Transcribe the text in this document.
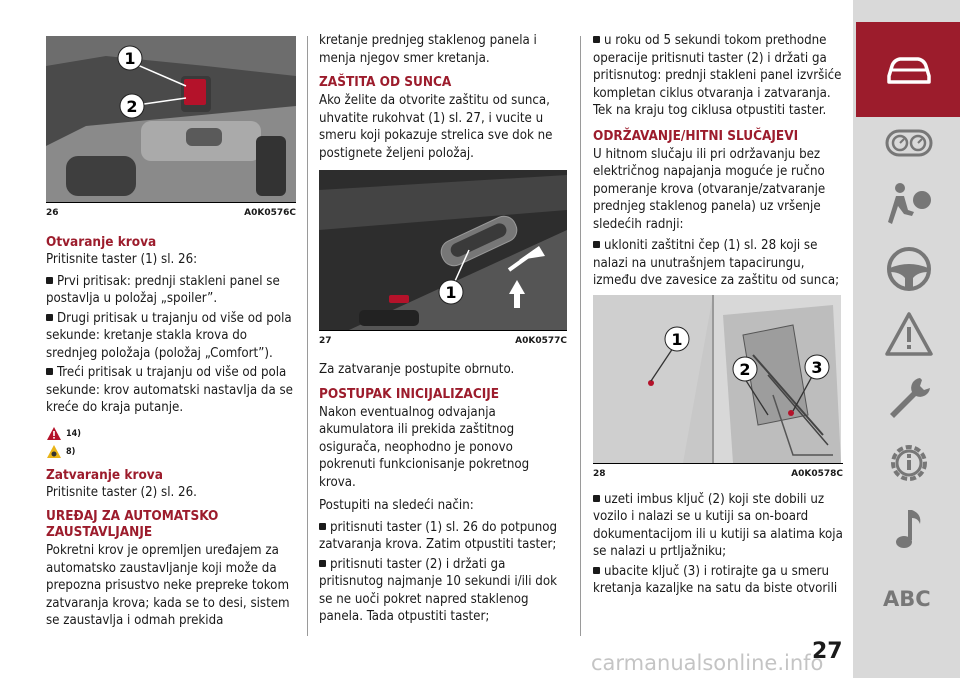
1
2
26	A0K0576C
Otvaranje krova

Pritisnite taster (1) sl. 26:

Prvi pritisak: prednji stakleni panel se postavlja u položaj „spoiler”.

Drugi pritisak u trajanju od više od pola sekunde: kretanje stakla krova do srednjeg položaja (položaj „Comfort”).

Treći pritisak u trajanju od više od pola sekunde: krov automatski nastavlja da se kreće do kraja putanje.

14)
8)
Zatvaranje krova

Pritisnite taster (2) sl. 26.

UREĐAJ ZA AUTOMATSKO ZAUSTAVLJANJE

Pokretni krov je opremljen uređajem za automatsko zaustavljanje koji može da prepozna prisustvo neke prepreke tokom zatvaranja krova; kada se to desi, sistem se zaustavlja i odmah prekida

kretanje prednjeg staklenog panela i menja njegov smer kretanja.

ZAŠTITA OD SUNCA

Ako želite da otvorite zaštitu od sunca, uhvatite rukohvat (1) sl. 27, i vucite u smeru koji pokazuje strelica sve dok ne postignete željeni položaj.

1
27	A0K0577C

Za zatvaranje postupite obrnuto.

POSTUPAK INICIJALIZACIJE

Nakon eventualnog odvajanja akumulatora ili prekida zaštitnog osigurača, neophodno je ponovo pokrenuti funkcionisanje pokretnog krova.

Postupiti na sledeći način:

pritisnuti taster (1) sl. 26 do potpunog zatvaranja krova. Zatim otpustiti taster;

pritisnuti taster (2) i držati ga pritisnutog najmanje 10 sekundi i/ili dok se ne uoči pokret napred staklenog panela. Tada otpustiti taster;

u roku od 5 sekundi tokom prethodne operacije pritisnuti taster (2) i držati ga pritisnutog: prednji stakleni panel izvršiće kompletan ciklus otvaranja i zatvaranja. Tek na kraju tog ciklusa otpustiti taster.

ODRŽAVANJE/HITNI SLUČAJEVI

U hitnom slučaju ili pri održavanju bez električnog napajanja moguće je ručno pomeranje krova (otvaranje/zatvaranje prednjeg staklenog panela) uz vršenje sledećih radnji:

ukloniti zaštitni čep (1) sl. 28 koji se nalazi na unutrašnjem tapacirungu, između dve zavesice za zaštitu od sunca;

1
2	3
28	A0K0578C

uzeti imbus ključ (2) koji ste dobili uz vozilo i nalazi se u kutiji sa on-board dokumentacijom ili u kutiji sa alatima koja se nalazi u prtljažniku;

ubacite ključ (3) i rotirajte ga u smeru kretanja kazaljke na satu da biste otvorili ABC
27
carmanualsonline.info
